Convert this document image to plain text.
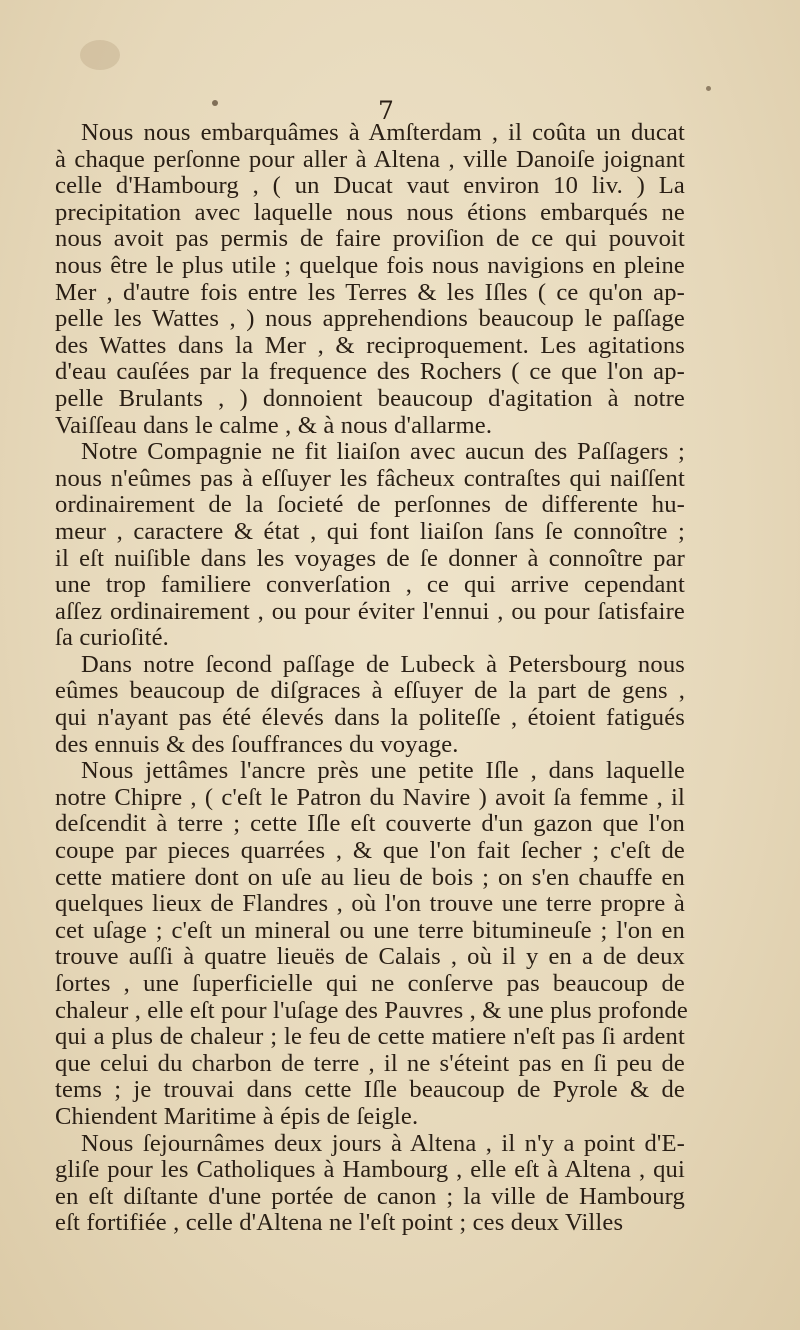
7
Nous nous embarquâmes à Amſterdam , il coûta un ducat
à chaque perſonne pour aller à Altena , ville Danoiſe joignant
celle d'Hambourg , ( un Ducat vaut environ 10 liv. ) La
precipitation avec laquelle nous nous étions embarqués ne
nous avoit pas permis de faire proviſion de ce qui pouvoit
nous être le plus utile ; quelque fois nous navigions en pleine
Mer , d'autre fois entre les Terres & les Iſles ( ce qu'on ap-
pelle les Wattes , ) nous apprehendions beaucoup le paſſage
des Wattes dans la Mer , & reciproquement. Les agitations
d'eau cauſées par la frequence des Rochers ( ce que l'on ap-
pelle Brulants , ) donnoient beaucoup d'agitation à notre
Vaiſſeau dans le calme , & à nous d'allarme.
Notre Compagnie ne fit liaiſon avec aucun des Paſſagers ;
nous n'eûmes pas à eſſuyer les fâcheux contraſtes qui naiſſent
ordinairement de la ſocieté de perſonnes de differente hu-
meur , caractere & état , qui font liaiſon ſans ſe connoître ;
il eſt nuiſible dans les voyages de ſe donner à connoître par
une trop familiere converſation , ce qui arrive cependant
aſſez ordinairement , ou pour éviter l'ennui , ou pour ſatisfaire
ſa curioſité.
Dans notre ſecond paſſage de Lubeck à Petersbourg nous
eûmes beaucoup de diſgraces à eſſuyer de la part de gens ,
qui n'ayant pas été élevés dans la politeſſe , étoient fatigués
des ennuis & des ſouffrances du voyage.
Nous jettâmes l'ancre près une petite Iſle , dans laquelle
notre Chipre , ( c'eſt le Patron du Navire ) avoit ſa femme , il
deſcendit à terre ; cette Iſle eſt couverte d'un gazon que l'on
coupe par pieces quarrées , & que l'on fait ſecher ; c'eſt de
cette matiere dont on uſe au lieu de bois ; on s'en chauffe en
quelques lieux de Flandres , où l'on trouve une terre propre à
cet uſage ; c'eſt un mineral ou une terre bitumineuſe ; l'on en
trouve auſſi à quatre lieuës de Calais , où il y en a de deux
ſortes , une ſuperficielle qui ne conſerve pas beaucoup de
chaleur , elle eſt pour l'uſage des Pauvres , & une plus profonde
qui a plus de chaleur ; le feu de cette matiere n'eſt pas ſi ardent
que celui du charbon de terre , il ne s'éteint pas en ſi peu de
tems ; je trouvai dans cette Iſle beaucoup de Pyrole & de
Chiendent Maritime à épis de ſeigle.
Nous ſejournâmes deux jours à Altena , il n'y a point d'E-
gliſe pour les Catholiques à Hambourg , elle eſt à Altena , qui
en eſt diſtante d'une portée de canon ; la ville de Hambourg
eſt fortifiée , celle d'Altena ne l'eſt point ; ces deux Villes
